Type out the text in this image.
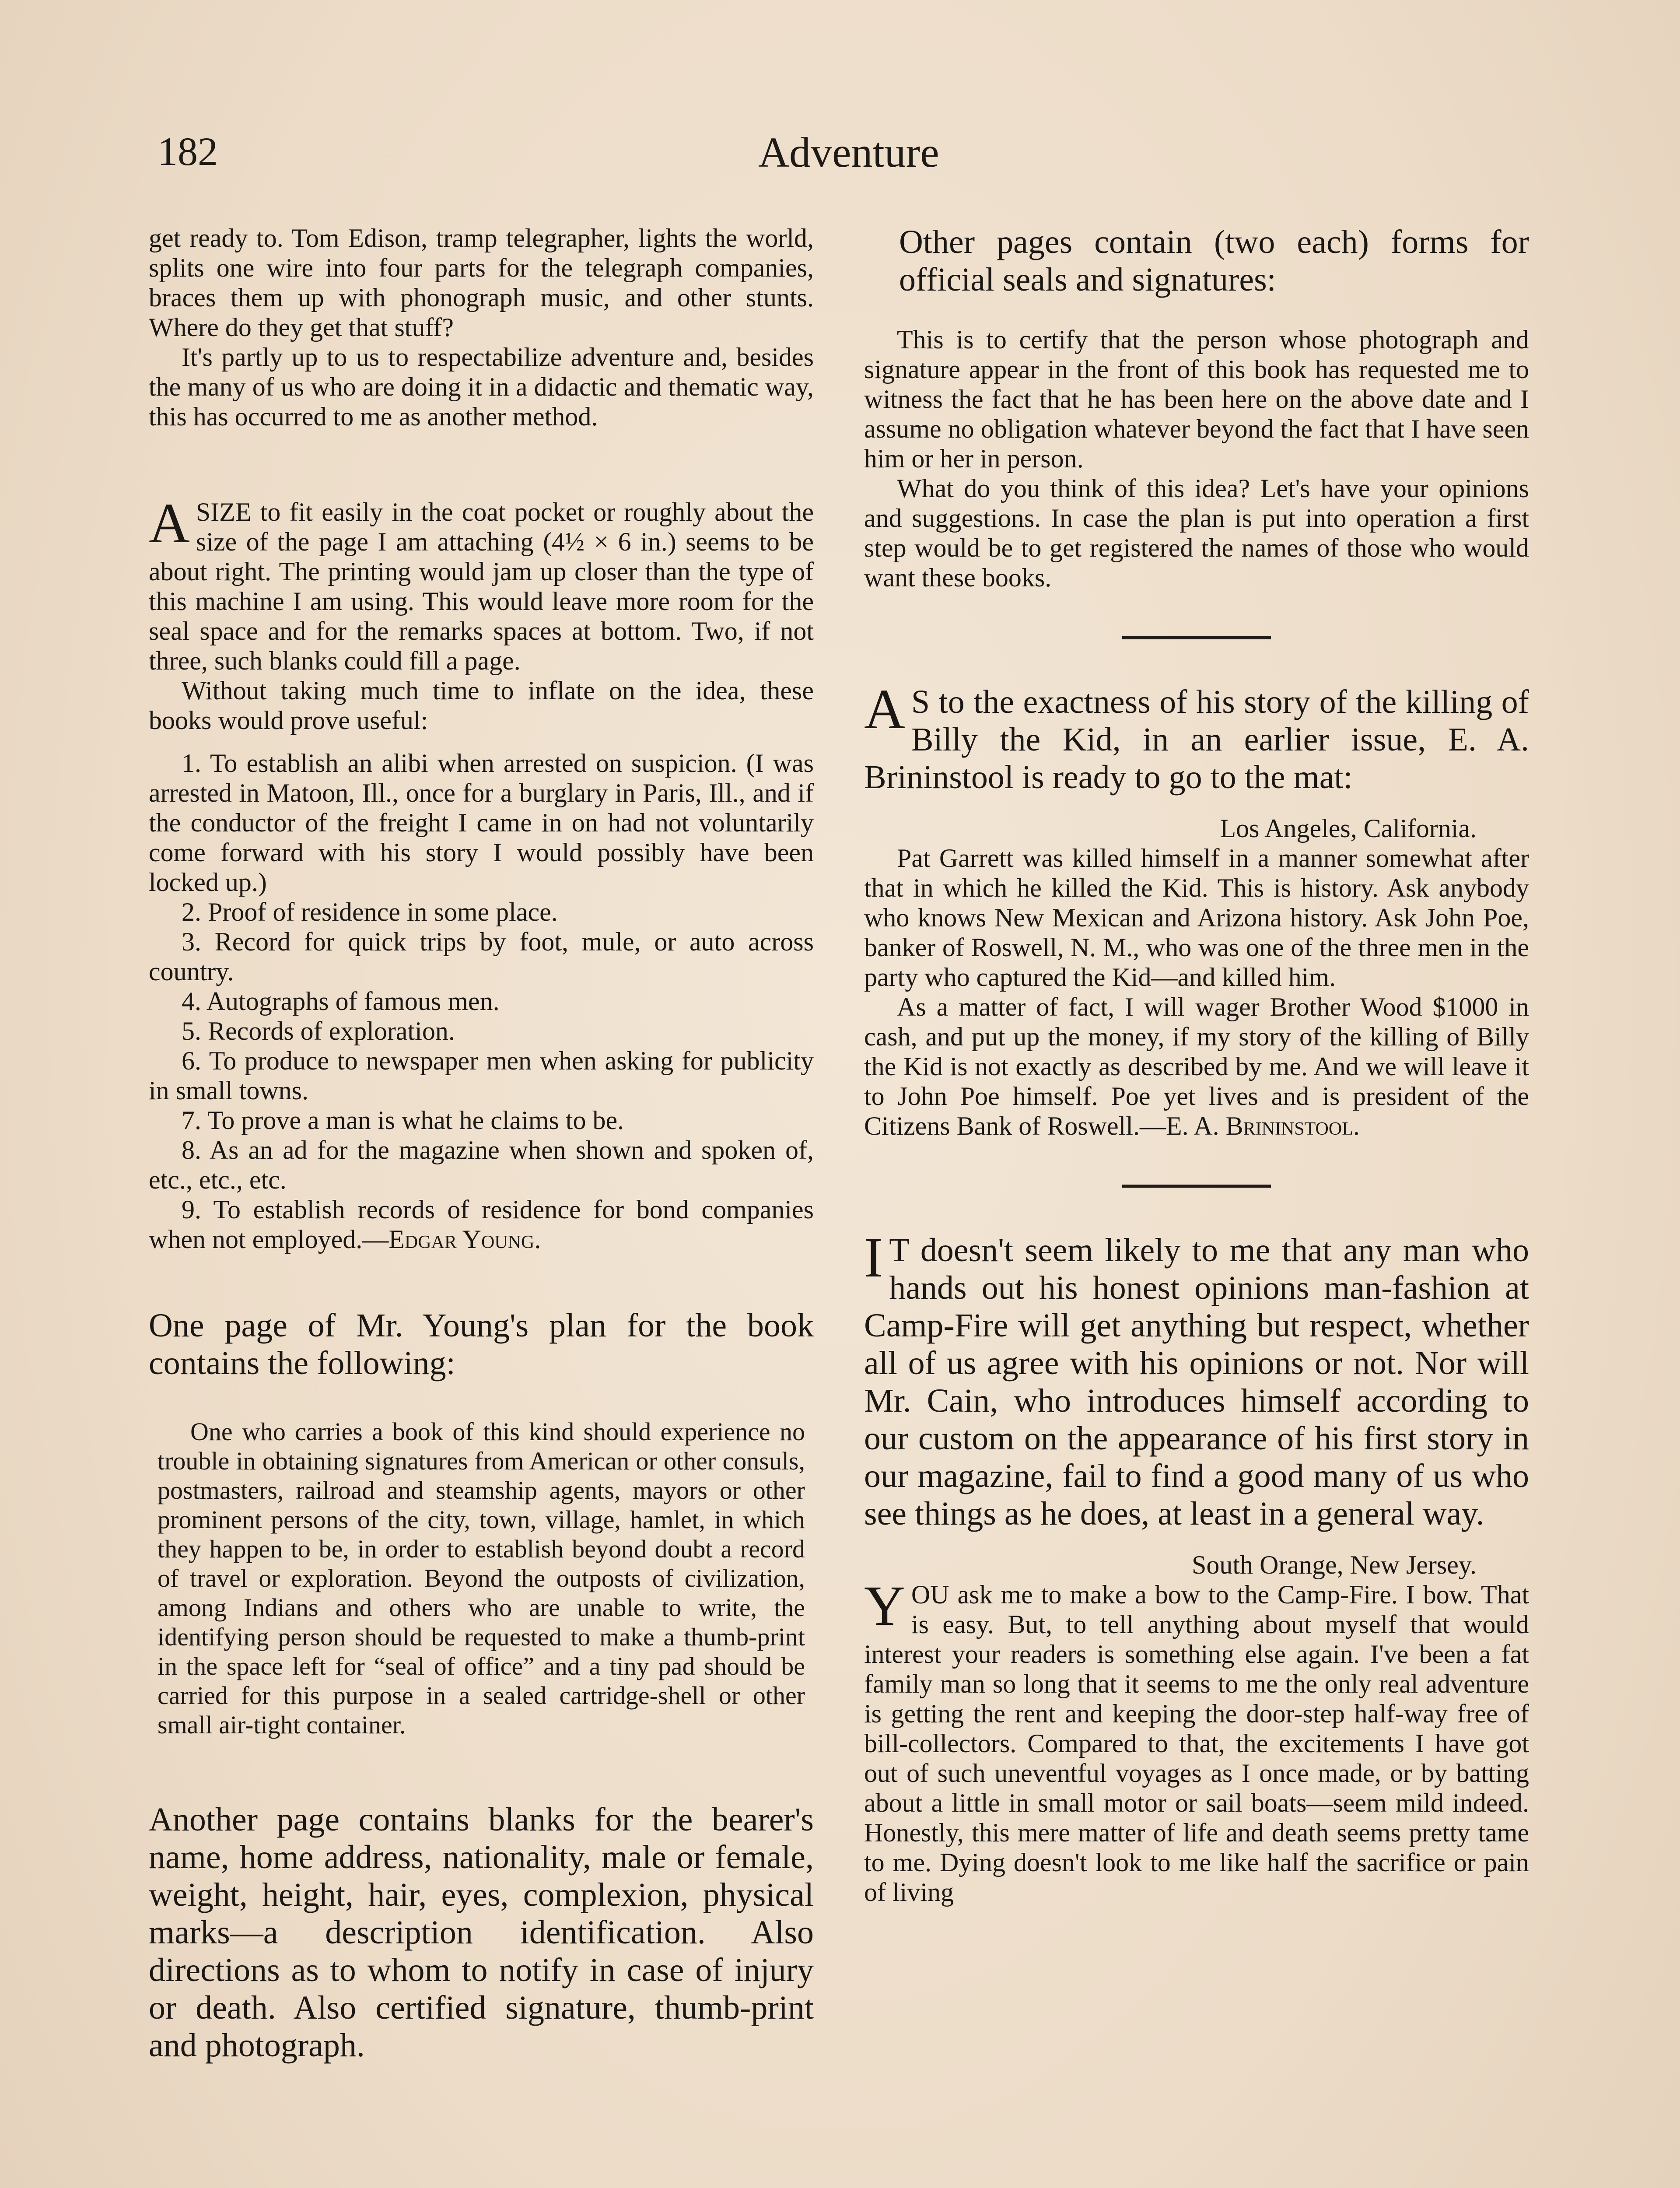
182	Adventure

get ready to. Tom Edison, tramp telegrapher, lights the world, splits one wire into four parts for the telegraph companies, braces them up with phonograph music, and other stunts. Where do they get that stuff?

It's partly up to us to respectabilize adventure and, besides the many of us who are doing it in a didactic and thematic way, this has occurred to me as another method.

A SIZE to fit easily in the coat pocket or roughly about the size of the page I am attaching (4½ × 6 in.) seems to be about right. The printing would jam up closer than the type of this machine I am using. This would leave more room for the seal space and for the remarks spaces at bottom. Two, if not three, such blanks could fill a page.

Without taking much time to inflate on the idea, these books would prove useful:

1. To establish an alibi when arrested on suspicion. (I was arrested in Matoon, Ill., once for a burglary in Paris, Ill., and if the conductor of the freight I came in on had not voluntarily come forward with his story I would possibly have been locked up.)

2. Proof of residence in some place.

3. Record for quick trips by foot, mule, or auto across country.

4. Autographs of famous men.

5. Records of exploration.

6. To produce to newspaper men when asking for publicity in small towns.

7. To prove a man is what he claims to be.

8. As an ad for the magazine when shown and spoken of, etc., etc., etc.

9. To establish records of residence for bond companies when not employed.—Edgar Young.

One page of Mr. Young's plan for the book contains the following:

One who carries a book of this kind should experience no trouble in obtaining signatures from American or other consuls, postmasters, railroad and steamship agents, mayors or other prominent persons of the city, town, village, hamlet, in which they happen to be, in order to establish beyond doubt a record of travel or exploration. Beyond the outposts of civilization, among Indians and others who are unable to write, the identifying person should be requested to make a thumb-print in the space left for “seal of office” and a tiny pad should be carried for this purpose in a sealed cartridge-shell or other small air-tight container.

Another page contains blanks for the bearer's name, home address, nationality, male or female, weight, height, hair, eyes, complexion, physical marks—a description identification. Also directions as to whom to notify in case of injury or death. Also certified signature, thumb-print and photograph.

Other pages contain (two each) forms for official seals and signatures:

This is to certify that the person whose photograph and signature appear in the front of this book has requested me to witness the fact that he has been here on the above date and I assume no obligation whatever beyond the fact that I have seen him or her in person.

What do you think of this idea? Let's have your opinions and suggestions. In case the plan is put into operation a first step would be to get registered the names of those who would want these books.

A S to the exactness of his story of the killing of Billy the Kid, in an earlier issue, E. A. Brininstool is ready to go to the mat:

Los Angeles, California.

Pat Garrett was killed himself in a manner somewhat after that in which he killed the Kid. This is history. Ask anybody who knows New Mexican and Arizona history. Ask John Poe, banker of Roswell, N. M., who was one of the three men in the party who captured the Kid—and killed him.

As a matter of fact, I will wager Brother Wood $1000 in cash, and put up the money, if my story of the killing of Billy the Kid is not exactly as described by me. And we will leave it to John Poe himself. Poe yet lives and is president of the Citizens Bank of Roswell.—E. A. Brininstool.

I T doesn't seem likely to me that any man who hands out his honest opinions man-fashion at Camp-Fire will get anything but respect, whether all of us agree with his opinions or not. Nor will Mr. Cain, who introduces himself according to our custom on the appearance of his first story in our magazine, fail to find a good many of us who see things as he does, at least in a general way.

South Orange, New Jersey.

YOU ask me to make a bow to the Camp-Fire. I bow. That is easy. But, to tell anything about myself that would interest your readers is something else again. I've been a fat family man so long that it seems to me the only real adventure is getting the rent and keeping the door-step half-way free of bill-collectors. Compared to that, the excitements I have got out of such uneventful voyages as I once made, or by batting about a little in small motor or sail boats—seem mild indeed. Honestly, this mere matter of life and death seems pretty tame to me. Dying doesn't look to me like half the sacrifice or pain of living
